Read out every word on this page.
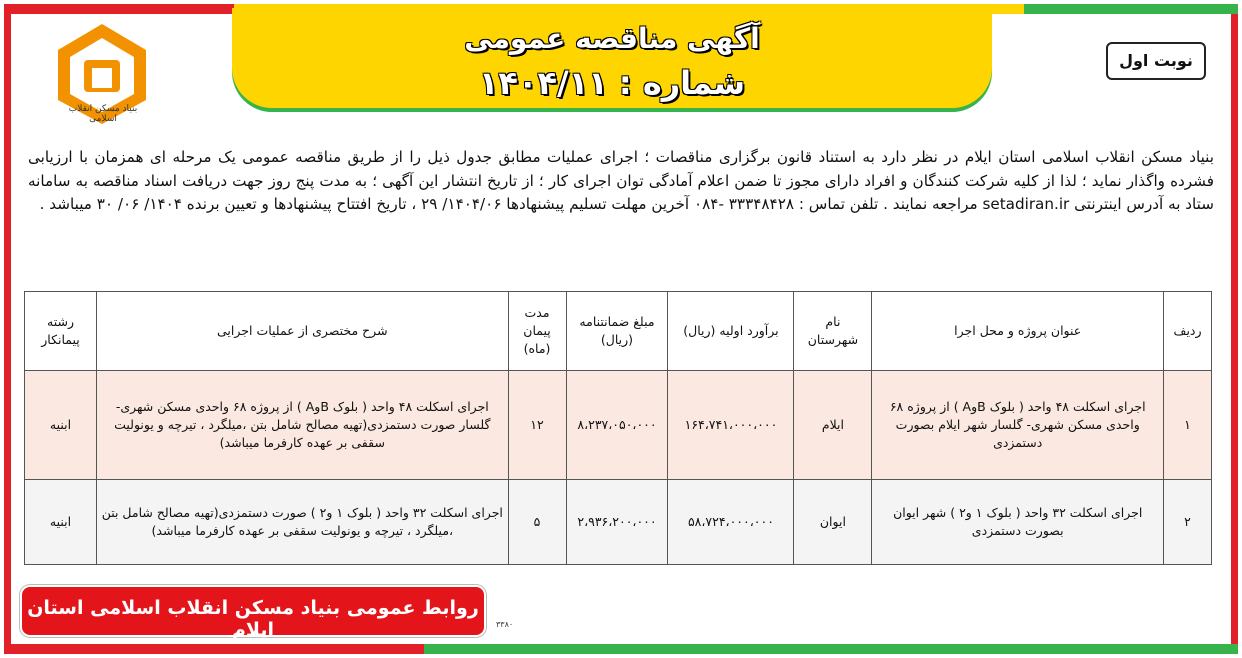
آگهی مناقصه عمومی
شماره : ۱۴۰۴/۱۱
نوبت اول
بنیاد مسکن انقلاب اسلامی

بنیاد مسکن انقلاب اسلامی استان ایلام در نظر دارد به استناد قانون برگزاری مناقصات ؛ اجرای عملیات مطابق جدول ذیل را از طریق مناقصه عمومی یک مرحله ای همزمان با ارزیابی فشرده واگذار نماید ؛ لذا از کلیه شرکت کنندگان و افراد دارای مجوز تا ضمن اعلام آمادگی توان اجرای کار ؛ از تاریخ انتشار این آگهی ؛ به مدت پنج روز جهت دریافت اسناد مناقصه به سامانه ستاد به آدرس اینترنتی setadiran.ir مراجعه نمایند . تلفن تماس : ۳۳۳۴۸۴۲۸ -۰۸۴ آخرین مهلت تسلیم پیشنهادها ۱۴۰۴/۰۶/ ۲۹ ، تاریخ افتتاح پیشنهادها و تعیین برنده ۱۴۰۴/ ۰۶/ ۳۰ میباشد .

ردیف	عنوان پروژه و محل اجرا	نام شهرستان	برآورد اولیه (ریال)	مبلغ ضمانتنامه (ریال)	مدت پیمان (ماه)	شرح مختصری از عملیات اجرایی	رشته پیمانکار
۱	اجرای اسکلت ۴۸ واحد ( بلوک BوA ) از پروژه ۶۸ واحدی مسکن شهری- گلسار شهر ایلام بصورت دستمزدی	ایلام	۱۶۴،۷۴۱،۰۰۰،۰۰۰	۸،۲۳۷،۰۵۰،۰۰۰	۱۲	اجرای اسکلت ۴۸ واحد ( بلوک BوA ) از پروژه ۶۸ واحدی مسکن شهری- گلسار صورت دستمزدی(تهیه مصالح شامل بتن ،میلگرد ، تیرچه و یونولیت سقفی بر عهده کارفرما میباشد)	ابنیه
۲	اجرای اسکلت ۳۲ واحد ( بلوک ۱ و۲ ) شهر ایوان بصورت دستمزدی	ایوان	۵۸،۷۲۴،۰۰۰،۰۰۰	۲،۹۳۶،۲۰۰،۰۰۰	۵	اجرای اسکلت ۳۲ واحد ( بلوک ۱ و۲ ) صورت دستمزدی(تهیه مصالح شامل بتن ،میلگرد ، تیرچه و یونولیت سقفی بر عهده کارفرما میباشد)	ابنیه
روابط عمومی بنیاد مسکن انقلاب اسلامی استان ایلام	۳۳۸۰
